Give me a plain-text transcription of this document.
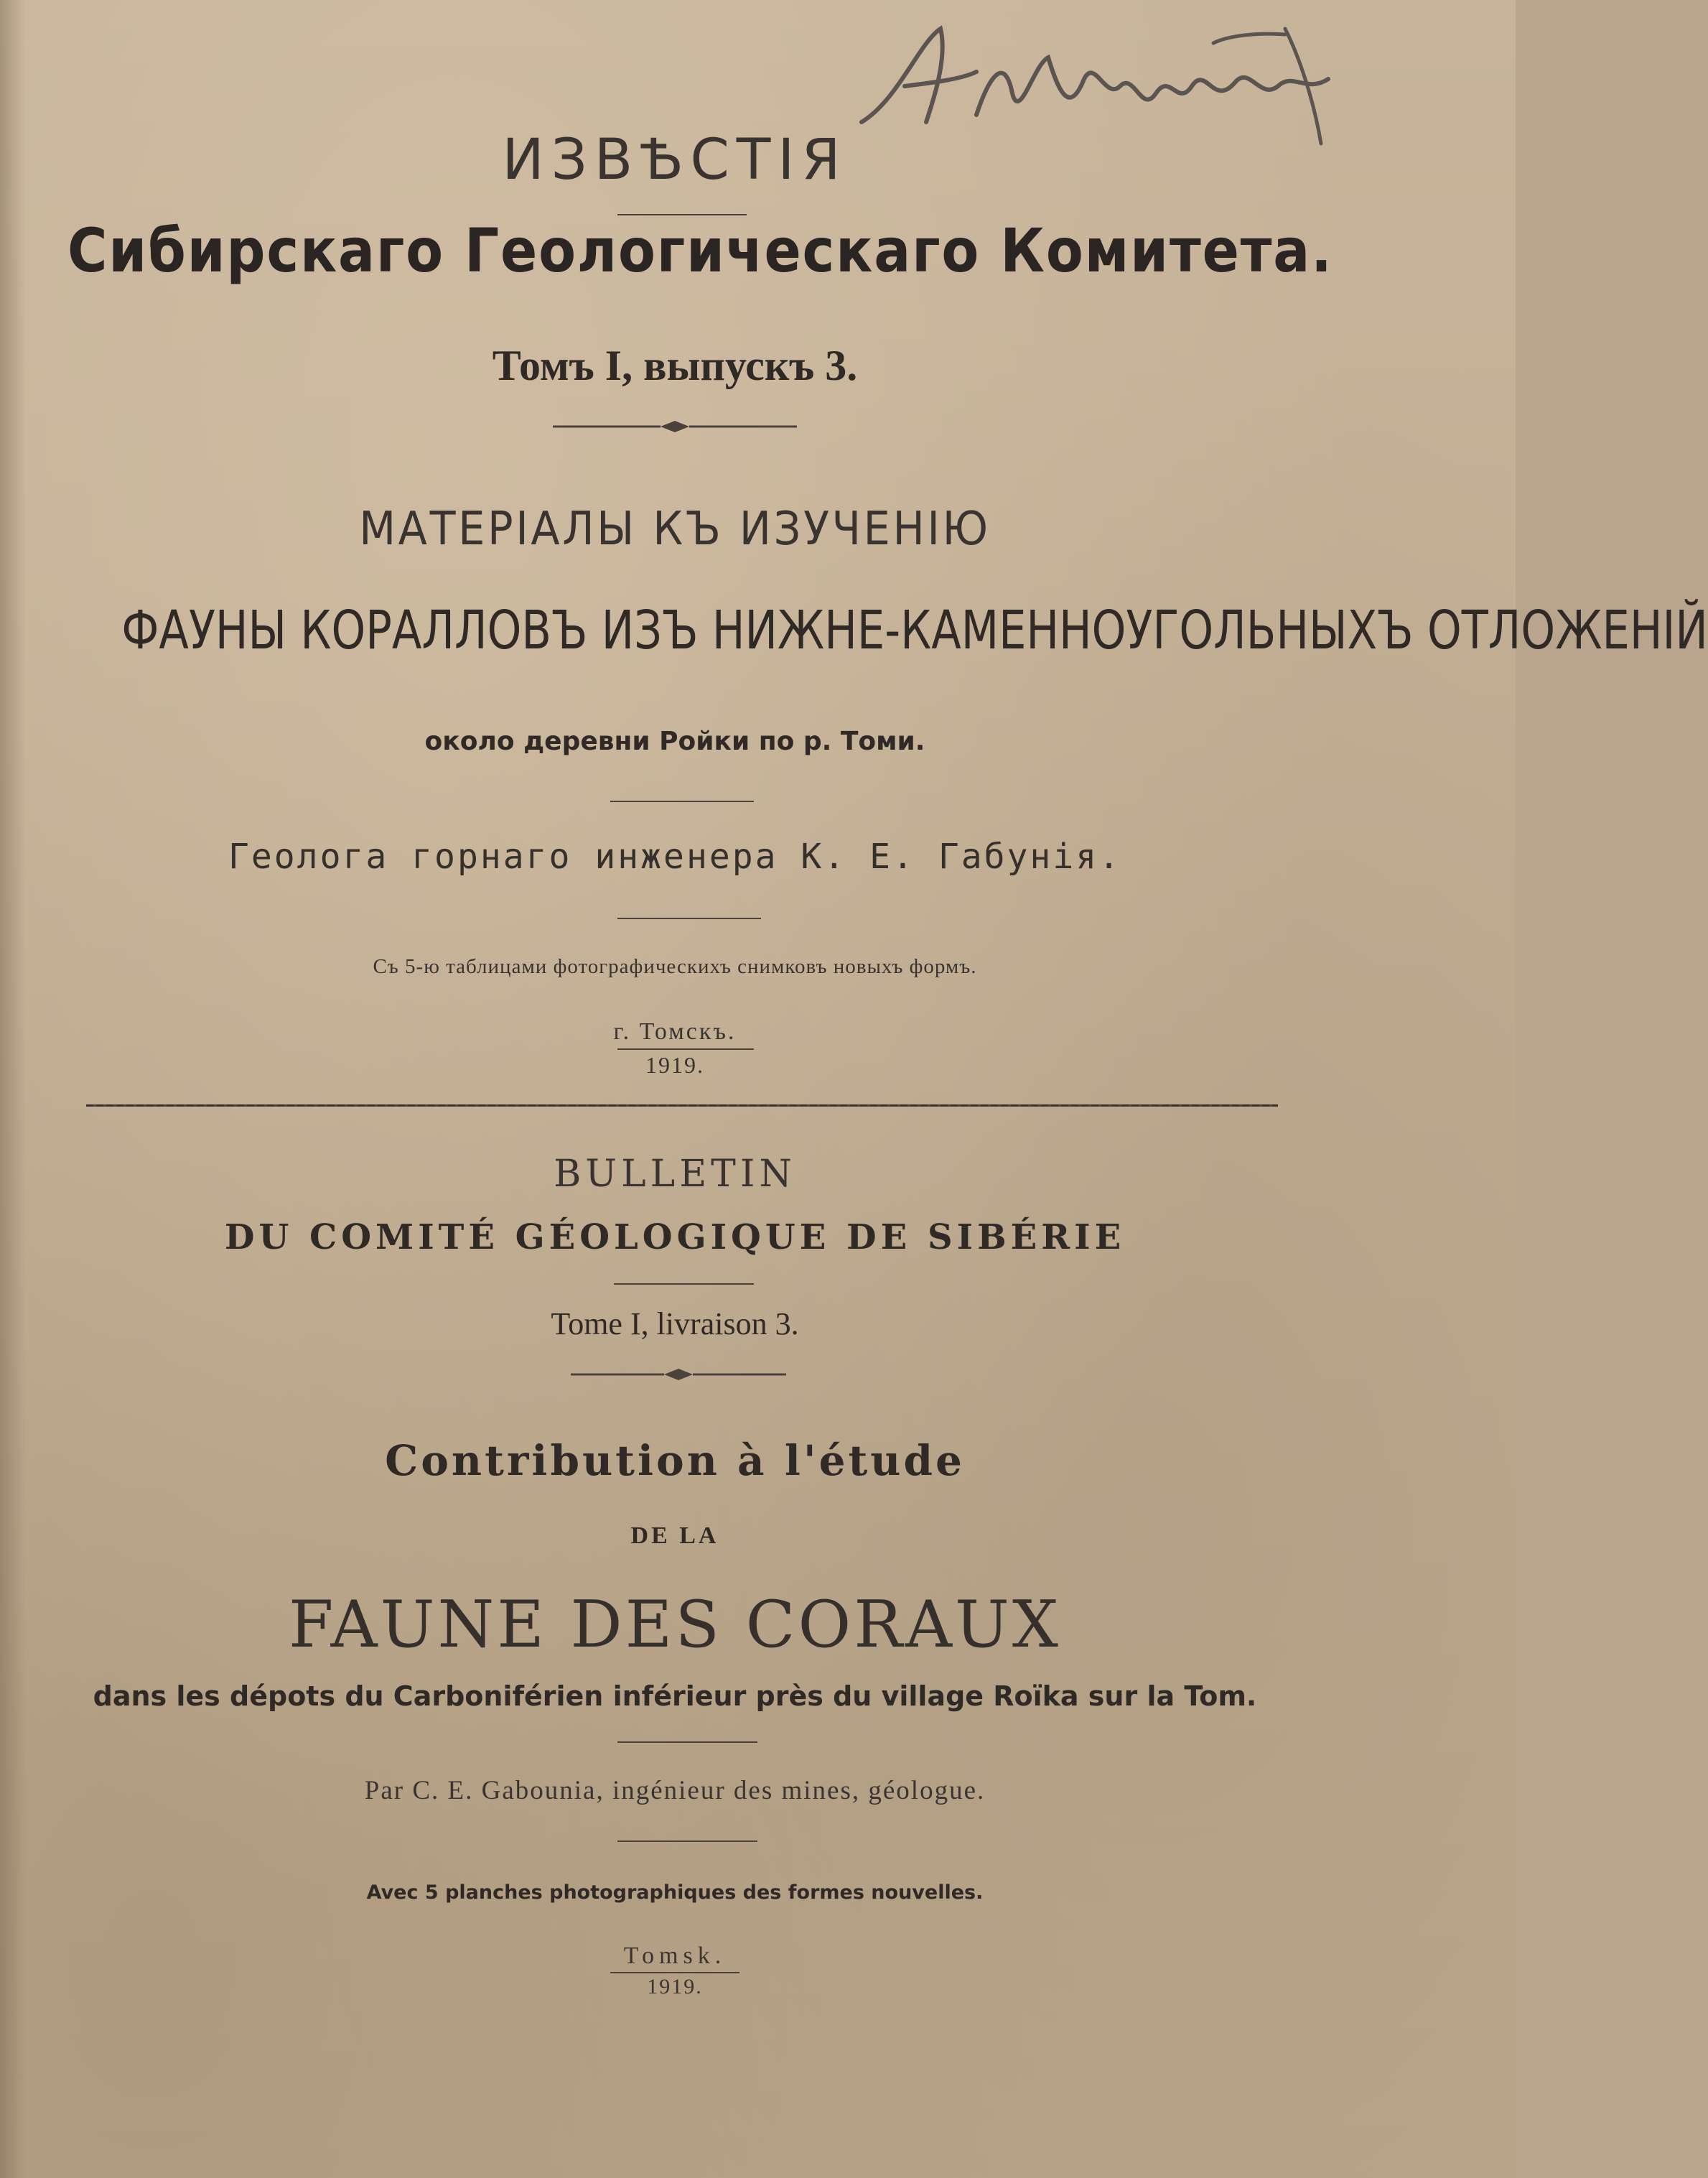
ИЗВѢСТІЯ
Сибирскаго Геологическаго Комитета.
Томъ I, выпускъ 3.
МАТЕРІАЛЫ КЪ ИЗУЧЕНІЮ
ФАУНЫ КОРАЛЛОВЪ ИЗЪ НИЖНЕ-КАМЕННОУГОЛЬНЫХЪ ОТЛОЖЕНІЙ
около деревни Ройки по р. Томи.
Геолога горнаго инженера К. Е. Габунія.
Съ 5-ю таблицами фотографическихъ снимковъ новыхъ формъ.
г. Томскъ.
1919.
BULLETIN
DU COMITÉ GÉOLOGIQUE DE SIBÉRIE
Tome I, livraison 3.
Contribution à l'étude
DE LA
FAUNE DES CORAUX
dans les dépots du Carboniférien inférieur près du village Roïka sur la Tom.
Par C. E. Gabounia, ingénieur des mines, géologue.
Avec 5 planches photographiques des formes nouvelles.
Tomsk.
1919.
